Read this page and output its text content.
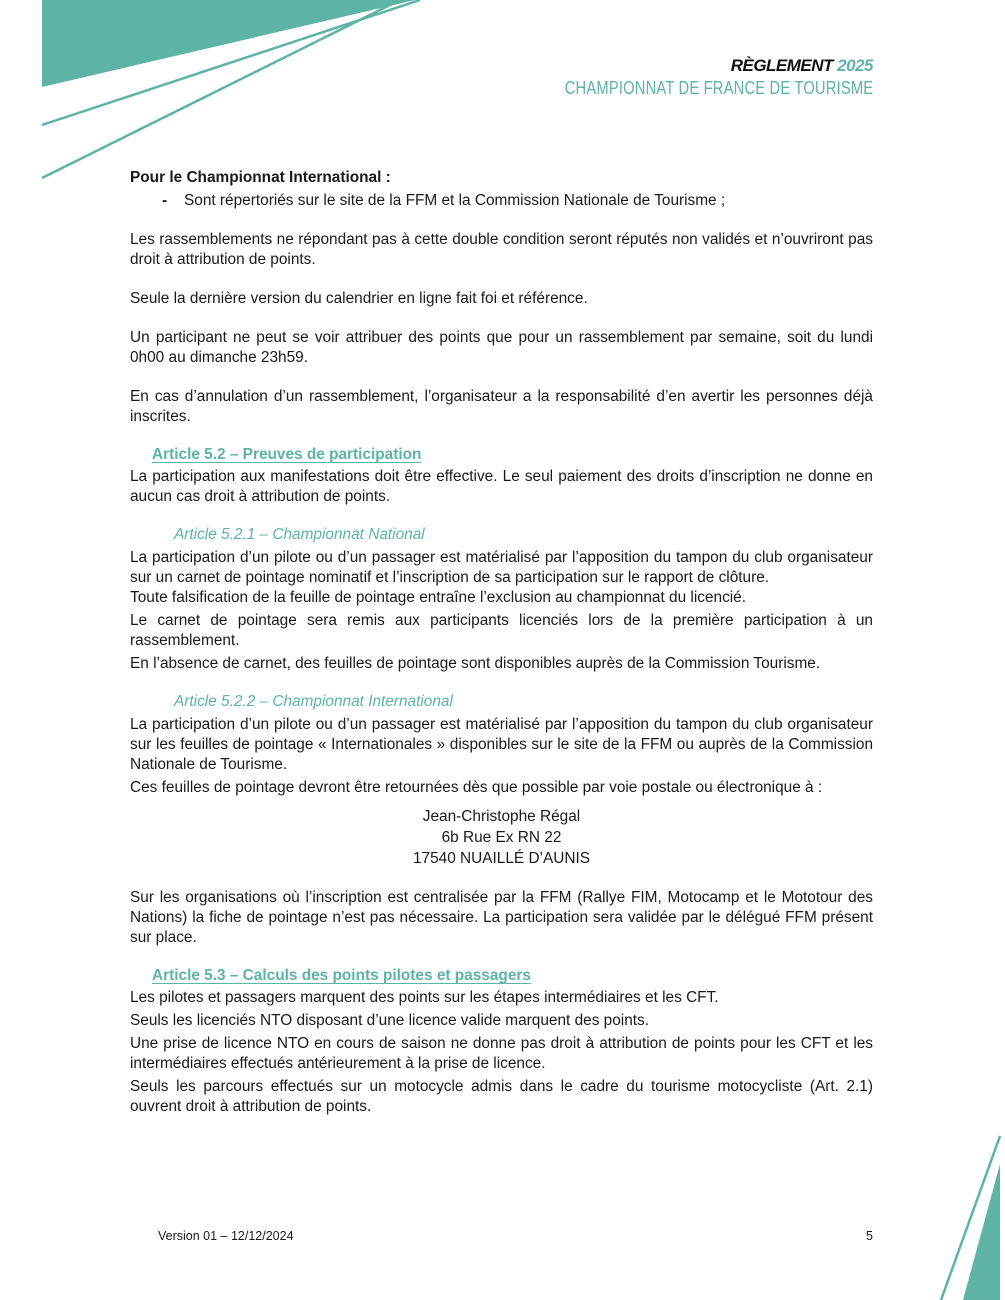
RÈGLEMENT 2025
CHAMPIONNAT DE FRANCE DE TOURISME

Pour le Championnat International :

- Sont répertoriés sur le site de la FFM et la Commission Nationale de Tourisme ;

Les rassemblements ne répondant pas à cette double condition seront réputés non validés et n’ouvriront pas droit à attribution de points.

Seule la dernière version du calendrier en ligne fait foi et référence.

Un participant ne peut se voir attribuer des points que pour un rassemblement par semaine, soit du lundi 0h00 au dimanche 23h59.

En cas d’annulation d’un rassemblement, l’organisateur a la responsabilité d’en avertir les personnes déjà inscrites.

Article 5.2 – Preuves de participation

La participation aux manifestations doit être effective. Le seul paiement des droits d’inscription ne donne en aucun cas droit à attribution de points.

Article 5.2.1 – Championnat National

La participation d’un pilote ou d’un passager est matérialisé par l’apposition du tampon du club organisateur sur un carnet de pointage nominatif et l’inscription de sa participation sur le rapport de clôture.

Toute falsification de la feuille de pointage entraîne l’exclusion au championnat du licencié.

Le carnet de pointage sera remis aux participants licenciés lors de la première participation à un rassemblement.

En l’absence de carnet, des feuilles de pointage sont disponibles auprès de la Commission Tourisme.

Article 5.2.2 – Championnat International

La participation d’un pilote ou d’un passager est matérialisé par l’apposition du tampon du club organisateur sur les feuilles de pointage « Internationales » disponibles sur le site de la FFM ou auprès de la Commission Nationale de Tourisme.

Ces feuilles de pointage devront être retournées dès que possible par voie postale ou électronique à :

Jean-Christophe Régal
6b Rue Ex RN 22
17540 NUAILLÉ D’AUNIS

Sur les organisations où l’inscription est centralisée par la FFM (Rallye FIM, Motocamp et le Mototour des Nations) la fiche de pointage n’est pas nécessaire. La participation sera validée par le délégué FFM présent sur place.

Article 5.3 – Calculs des points pilotes et passagers

Les pilotes et passagers marquent des points sur les étapes intermédiaires et les CFT.

Seuls les licenciés NTO disposant d’une licence valide marquent des points.

Une prise de licence NTO en cours de saison ne donne pas droit à attribution de points pour les CFT et les intermédiaires effectués antérieurement à la prise de licence.

Seuls les parcours effectués sur un motocycle admis dans le cadre du tourisme motocycliste (Art. 2.1) ouvrent droit à attribution de points.

Version 01 – 12/12/2024	5
